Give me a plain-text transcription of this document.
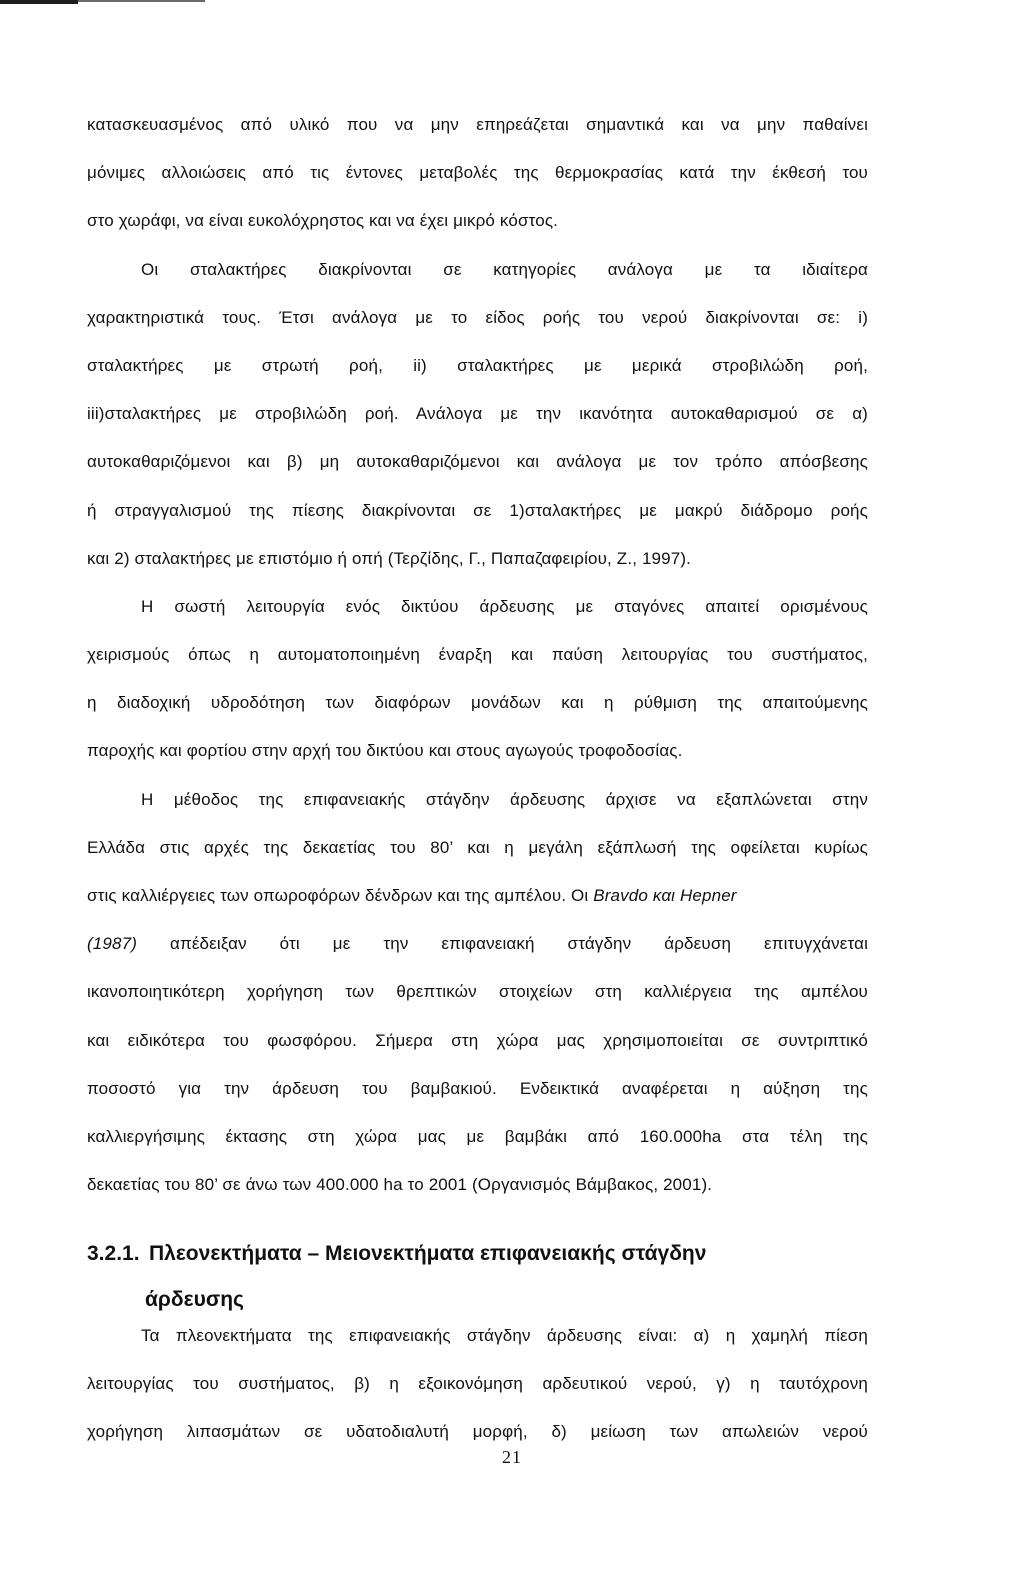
κατασκευασμένος από υλικό που να μην επηρεάζεται σημαντικά και να μην παθαίνει
μόνιμες αλλοιώσεις από τις έντονες μεταβολές της θερμοκρασίας κατά την έκθεσή του
στο χωράφι, να είναι ευκολόχρηστος και να έχει μικρό κόστος.
Οι σταλακτήρες διακρίνονται σε κατηγορίες ανάλογα με τα ιδιαίτερα
χαρακτηριστικά τους. Έτσι ανάλογα με το είδος ροής του νερού διακρίνονται σε: i)
σταλακτήρες με στρωτή ροή, ii) σταλακτήρες με μερικά στροβιλώδη ροή,
iii)σταλακτήρες με στροβιλώδη ροή. Ανάλογα με την ικανότητα αυτοκαθαρισμού σε α)
αυτοκαθαριζόμενοι και β) μη αυτοκαθαριζόμενοι και ανάλογα με τον τρόπο απόσβεσης
ή στραγγαλισμού της πίεσης διακρίνονται σε 1)σταλακτήρες με μακρύ διάδρομο ροής
και 2) σταλακτήρες με επιστόμιο ή οπή (Τερζίδης, Γ., Παπαζαφειρίου, Ζ., 1997).
Η σωστή λειτουργία ενός δικτύου άρδευσης με σταγόνες απαιτεί ορισμένους
χειρισμούς όπως η αυτοματοποιημένη έναρξη και παύση λειτουργίας του συστήματος,
η διαδοχική υδροδότηση των διαφόρων μονάδων και η ρύθμιση της απαιτούμενης
παροχής και φορτίου στην αρχή του δικτύου και στους αγωγούς τροφοδοσίας.
Η μέθοδος της επιφανειακής στάγδην άρδευσης άρχισε να εξαπλώνεται στην
Ελλάδα στις αρχές της δεκαετίας του 80’ και η μεγάλη εξάπλωσή της οφείλεται κυρίως
στις καλλιέργειες των οπωροφόρων δένδρων και της αμπέλου. Οι Bravdo και Hepner
(1987) απέδειξαν ότι με την επιφανειακή στάγδην άρδευση επιτυγχάνεται
ικανοποιητικότερη χορήγηση των θρεπτικών στοιχείων στη καλλιέργεια της αμπέλου
και ειδικότερα του φωσφόρου. Σήμερα στη χώρα μας χρησιμοποιείται σε συντριπτικό
ποσοστό για την άρδευση του βαμβακιού. Ενδεικτικά αναφέρεται η αύξηση της
καλλιεργήσιμης έκτασης στη χώρα μας με βαμβάκι από 160.000ha στα τέλη της
δεκαετίας του 80’ σε άνω των 400.000 ha το 2001 (Οργανισμός Βάμβακος, 2001).
3.2.1. Πλεονεκτήματα – Μειονεκτήματα επιφανειακής στάγδην
άρδευσης
Τα πλεονεκτήματα της επιφανειακής στάγδην άρδευσης είναι: α) η χαμηλή πίεση
λειτουργίας του συστήματος, β) η εξοικονόμηση αρδευτικού νερού, γ) η ταυτόχρονη
χορήγηση λιπασμάτων σε υδατοδιαλυτή μορφή, δ) μείωση των απωλειών νερού
21
